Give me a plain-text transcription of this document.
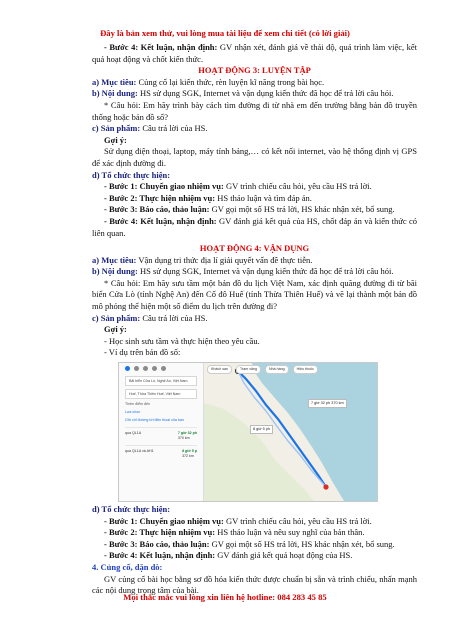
Đây là bản xem thử, vui lòng mua tài liệu để xem chi tiết (có lời giải)

- Bước 4: Kết luận, nhận định: GV nhận xét, đánh giá về thái độ, quá trình làm việc, kết quả hoạt động và chốt kiến thức.

HOẠT ĐỘNG 3: LUYỆN TẬP

a) Mục tiêu: Củng cố lại kiến thức, rèn luyện kĩ năng trong bài học.

b) Nội dung: HS sử dụng SGK, Internet và vận dụng kiến thức đã học để trả lời câu hỏi.

* Câu hỏi: Em hãy trình bày cách tìm đường đi từ nhà em đến trường bằng bản đồ truyền thống hoặc bản đồ số?

c) Sản phẩm: Câu trả lời của HS.

Gợi ý:

Sử dụng điện thoại, laptop, máy tính bảng,… có kết nối internet, vào hệ thống định vị GPS để xác định đường đi.

d) Tổ chức thực hiện:

- Bước 1: Chuyển giao nhiệm vụ: GV trình chiếu câu hỏi, yêu cầu HS trả lời.

- Bước 2: Thực hiện nhiệm vụ: HS thảo luận và tìm đáp án.

- Bước 3: Báo cáo, thảo luận: GV gọi một số HS trả lời, HS khác nhận xét, bổ sung.

- Bước 4: Kết luận, nhận định: GV đánh giá kết quả của HS, chốt đáp án và kiến thức có liên quan.

HOẠT ĐỘNG 4: VẬN DỤNG

a) Mục tiêu: Vận dụng tri thức địa lí giải quyết vấn đề thực tiễn.

b) Nội dung: HS sử dụng SGK, Internet và vận dụng kiến thức đã học để trả lời câu hỏi.

* Câu hỏi: Em hãy sưu tầm một bản đồ du lịch Việt Nam, xác định quãng đường đi từ bãi biển Cửa Lò (tỉnh Nghệ An) đến Cố đô Huế (tỉnh Thừa Thiên Huế) và vẽ lại thành một bản đồ mô phỏng thể hiện một số điểm du lịch trên đường đi?

c) Sản phẩm: Câu trả lời của HS.

Gợi ý:

- Học sinh sưu tầm và thực hiện theo yêu cầu.

- Ví dụ trên bản đồ số:

Bãi biển Cửa Lò, Nghệ An, Việt Nam
Huế, Thừa Thiên Huế, Việt Nam
Thêm điểm đến
Lựa chọn
Gửi chỉ đường tới điện thoại của bạn
qua QL1A	7 giờ 32 ph
370 km
qua QL1A và AH1	8 giờ 5 p
372 km
7 giờ 32 ph 370 km
8 giờ 5 ph
Khách sạn	Trạm xăng	Nhà hàng	Hiệu thuốc

d) Tổ chức thực hiện:

- Bước 1: Chuyển giao nhiệm vụ: GV trình chiếu câu hỏi, yêu cầu HS trả lời.

- Bước 2: Thực hiện nhiệm vụ: HS thảo luận và nêu suy nghĩ của bản thân.

- Bước 3: Báo cáo, thảo luận: GV gọi một số HS trả lời, HS khác nhận xét, bổ sung.

- Bước 4: Kết luận, nhận định: GV đánh giá kết quả hoạt động của HS.

4. Củng cố, dặn dò:

GV củng cố bài học bằng sơ đồ hóa kiến thức được chuẩn bị sẵn và trình chiếu, nhấn mạnh các nội dung trọng tâm của bài.

Mọi thắc mắc vui lòng xin liên hệ hotline: 084 283 45 85
